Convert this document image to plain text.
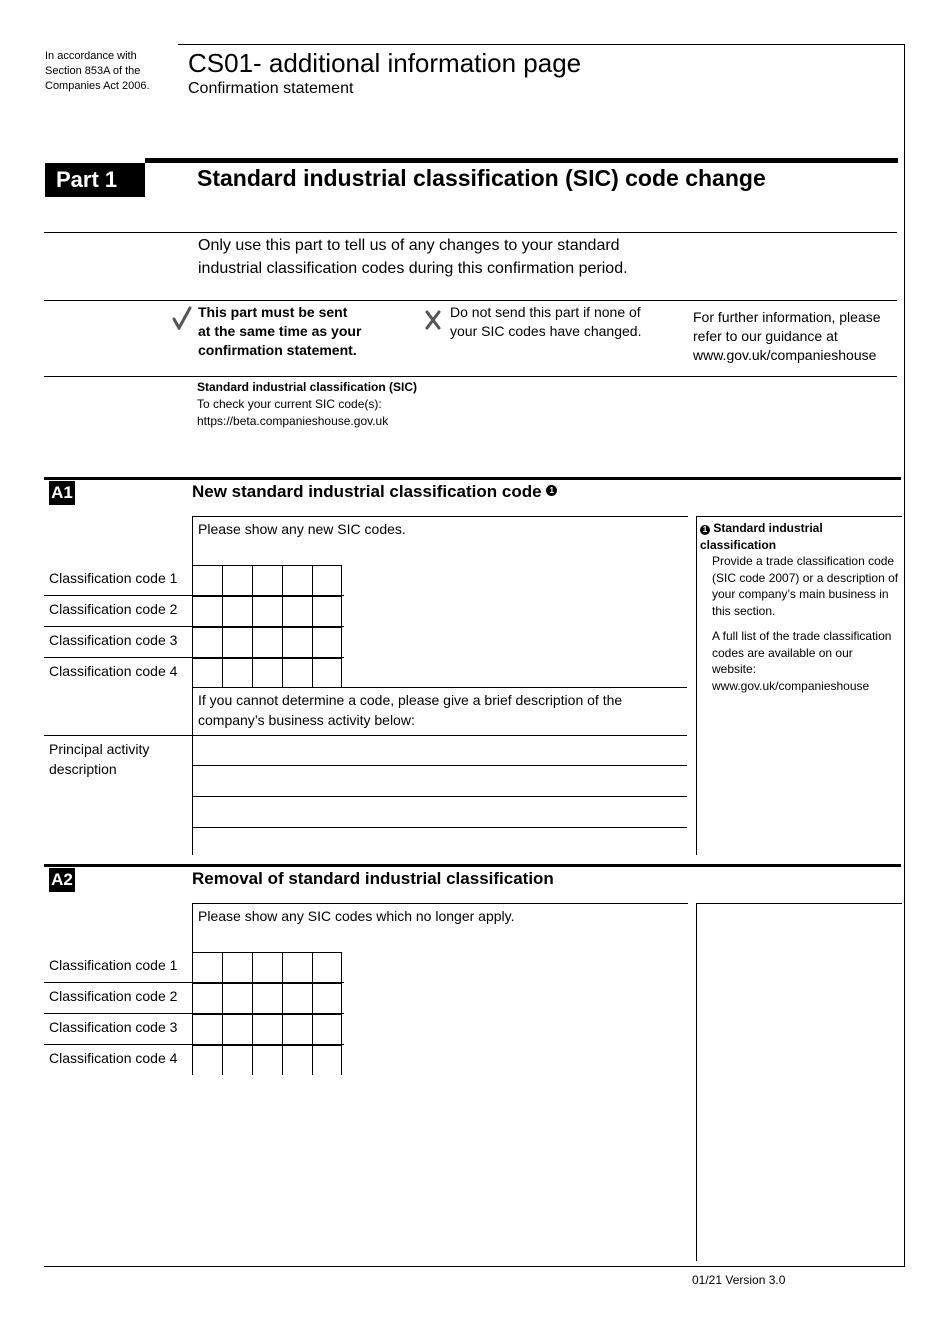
In accordance with
Section 853A of the
Companies Act 2006.
CS01- additional information page
Confirmation statement
Part 1	Standard industrial classification (SIC) code change
Only use this part to tell us of any changes to your standard
industrial classification codes during this confirmation period.
This part must be sent
at the same time as your
confirmation statement.
Do not send this part if none of
your SIC codes have changed.
For further information, please
refer to our guidance at
www.gov.uk/companieshouse
Standard industrial classification (SIC)
To check your current SIC code(s):
https://beta.companieshouse.gov.uk
A1	New standard industrial classification code 1
Please show any new SIC codes.
Classification code 1
Classification code 2
Classification code 3
Classification code 4
If you cannot determine a code, please give a brief description of the
company’s business activity below:
Principal activity
description
1 Standard industrial classification
Provide a trade classification code
(SIC code 2007) or a description of
your company’s main business in
this section.
A full list of the trade classification
codes are available on our website:
www.gov.uk/companieshouse
A2	Removal of standard industrial classification
Please show any SIC codes which no longer apply.
Classification code 1
Classification code 2
Classification code 3
Classification code 4
01/21 Version 3.0
